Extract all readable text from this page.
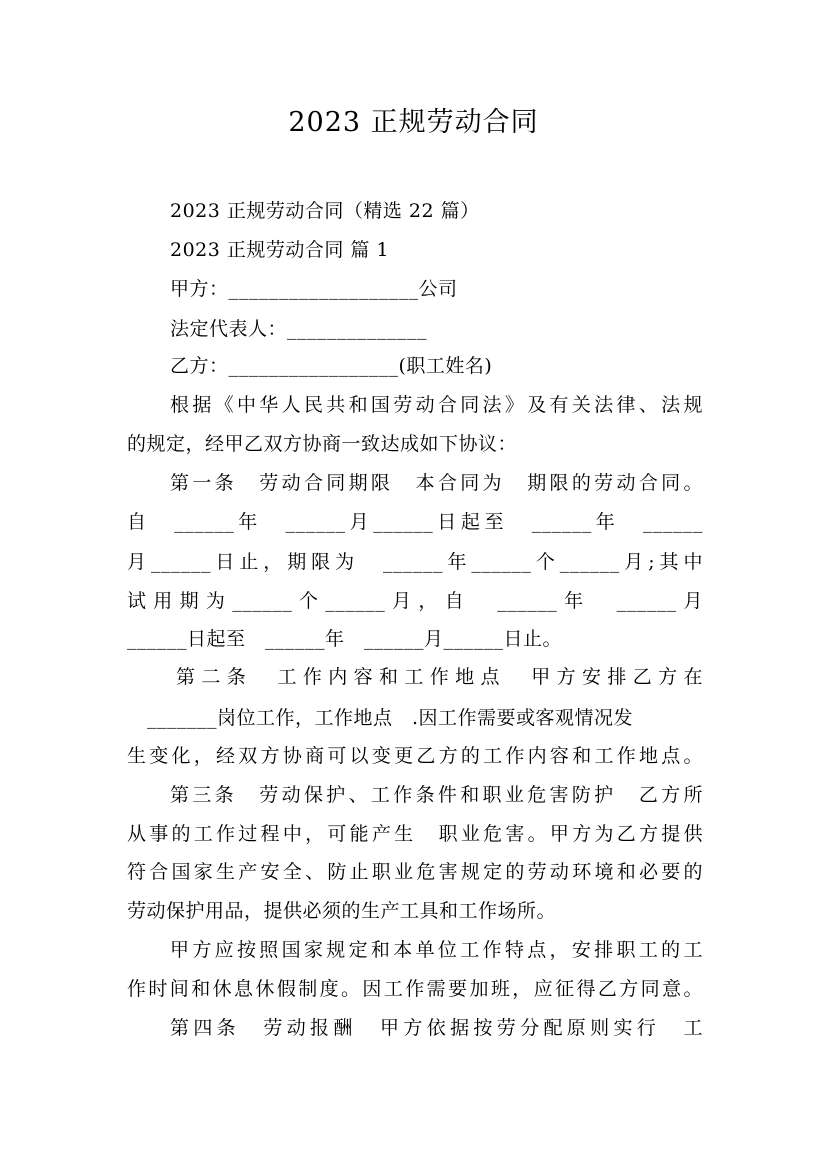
2023 正规劳动合同
2023 正规劳动合同（精选 22 篇）
2023 正规劳动合同 篇 1
甲方：___________________公司
法定代表人：______________
乙方：_________________(职工姓名)
根据《中华人民共和国劳动合同法》及有关法律、法规
的规定，经甲乙双方协商一致达成如下协议：
第一条　劳动合同期限　本合同为　期限的劳动合同。
自　______年　______月______日起至　______年　______
月______日止，期限为　______年______个______月;其中
试用期为______个______月，自　______年　______月
______日起至　______年　______月______日止。
第二条　工作内容和工作地点　甲方安排乙方在
_______岗位工作，工作地点　.因工作需要或客观情况发
生变化，经双方协商可以变更乙方的工作内容和工作地点。
第三条　劳动保护、工作条件和职业危害防护　乙方所
从事的工作过程中，可能产生　职业危害。甲方为乙方提供
符合国家生产安全、防止职业危害规定的劳动环境和必要的
劳动保护用品，提供必须的生产工具和工作场所。
甲方应按照国家规定和本单位工作特点，安排职工的工
作时间和休息休假制度。因工作需要加班，应征得乙方同意。
第四条　劳动报酬　甲方依据按劳分配原则实行　工
